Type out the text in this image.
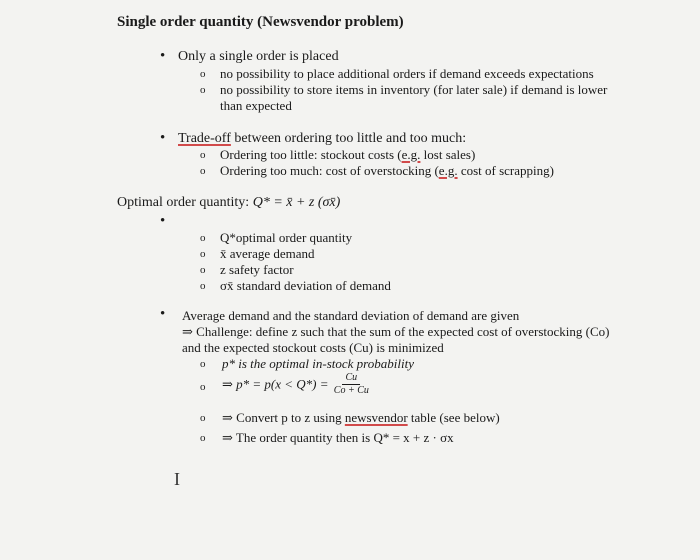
Single order quantity (Newsvendor problem)
• Only a single order is placed
o no possibility to place additional orders if demand exceeds expectations
o no possibility to store items in inventory (for later sale) if demand is lower
than expected
• Trade-off between ordering too little and too much:
o Ordering too little: stockout costs (e.g. lost sales)
o Ordering too much: cost of overstocking (e.g. cost of scrapping)
Optimal order quantity: Q* = x̄ + z (σx̄)
•
o Q*optimal order quantity
o x̄ average demand
o z safety factor
o σx̄ standard deviation of demand
• Average demand and the standard deviation of demand are given
⇒ Challenge: define z such that the sum of the expected cost of overstocking (Co)
and the expected stockout costs (Cu) is minimized
o p* is the optimal in-stock probability
o ⇒ $p* = p(x < Q*) = \frac{Cu}{Co + Cu}$
o ⇒ Convert p to z using newsvendor table (see below)
o ⇒ The order quantity then is Q* = x + z · σx
I
